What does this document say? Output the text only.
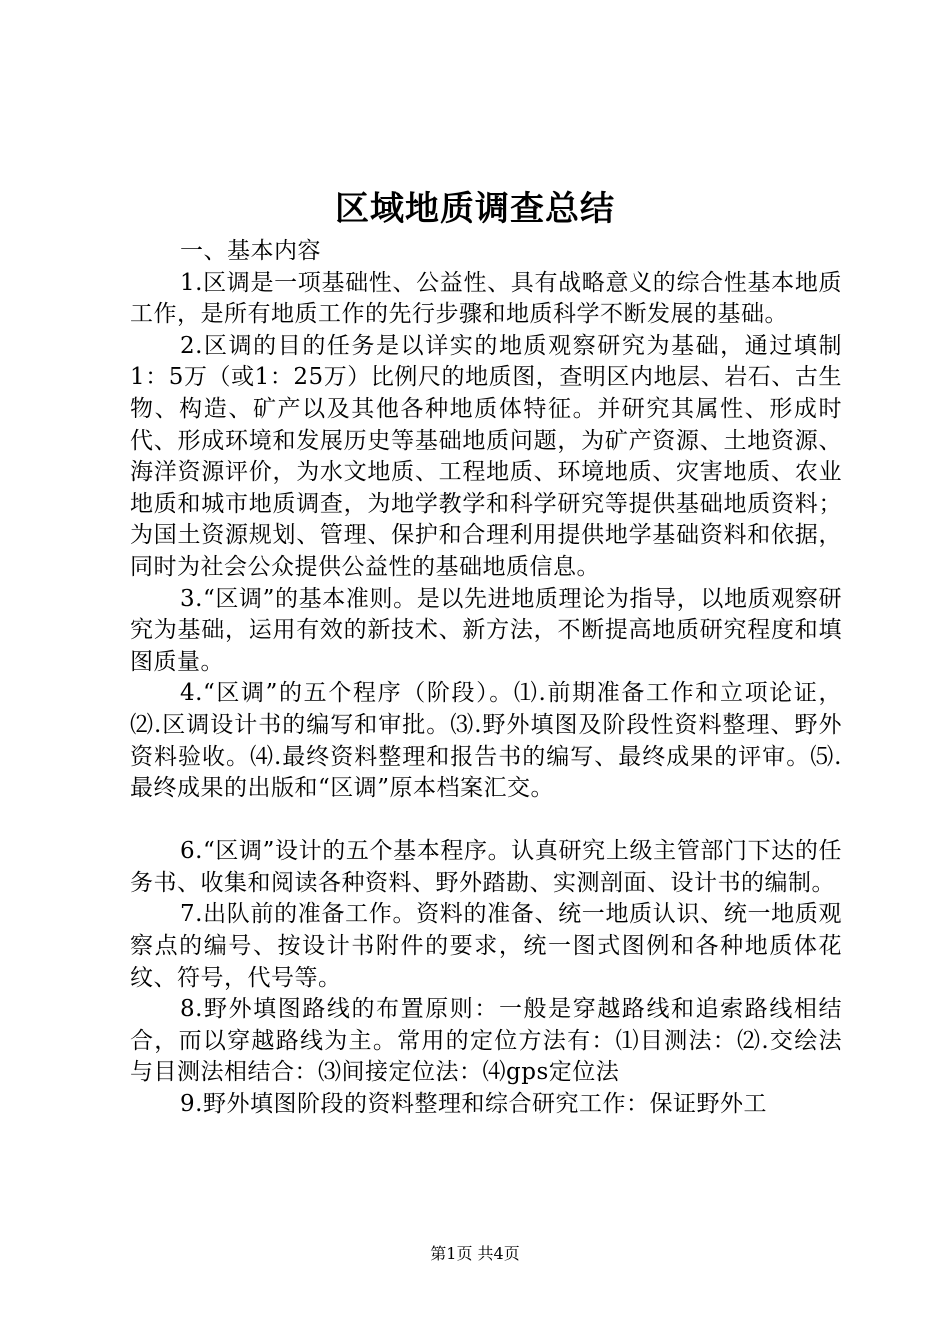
区域地质调查总结

一、基本内容

1.区调是一项基础性、公益性、具有战略意义的综合性基本地质工作，是所有地质工作的先行步骤和地质科学不断发展的基础。

2.区调的目的任务是以详实的地质观察研究为基础，通过填制1：5万（或1：25万）比例尺的地质图，查明区内地层、岩石、古生物、构造、矿产以及其他各种地质体特征。并研究其属性、形成时代、形成环境和发展历史等基础地质问题，为矿产资源、土地资源、海洋资源评价，为水文地质、工程地质、环境地质、灾害地质、农业地质和城市地质调查，为地学教学和科学研究等提供基础地质资料；为国土资源规划、管理、保护和合理利用提供地学基础资料和依据，同时为社会公众提供公益性的基础地质信息。

3.“区调”的基本准则。是以先进地质理论为指导，以地质观察研究为基础，运用有效的新技术、新方法，不断提高地质研究程度和填图质量。

4.“区调”的五个程序（阶段）。⑴.前期准备工作和立项论证，⑵.区调设计书的编写和审批。⑶.野外填图及阶段性资料整理、野外资料验收。⑷.最终资料整理和报告书的编写、最终成果的评审。⑸.最终成果的出版和“区调”原本档案汇交。

6.“区调”设计的五个基本程序。认真研究上级主管部门下达的任务书、收集和阅读各种资料、野外踏勘、实测剖面、设计书的编制。

7.出队前的准备工作。资料的准备、统一地质认识、统一地质观察点的编号、按设计书附件的要求，统一图式图例和各种地质体花纹、符号，代号等。

8.野外填图路线的布置原则：一般是穿越路线和追索路线相结合，而以穿越路线为主。常用的定位方法有：⑴目测法：⑵.交绘法与目测法相结合：⑶间接定位法：⑷gps定位法

9.野外填图阶段的资料整理和综合研究工作：保证野外工

第1页 共4页
